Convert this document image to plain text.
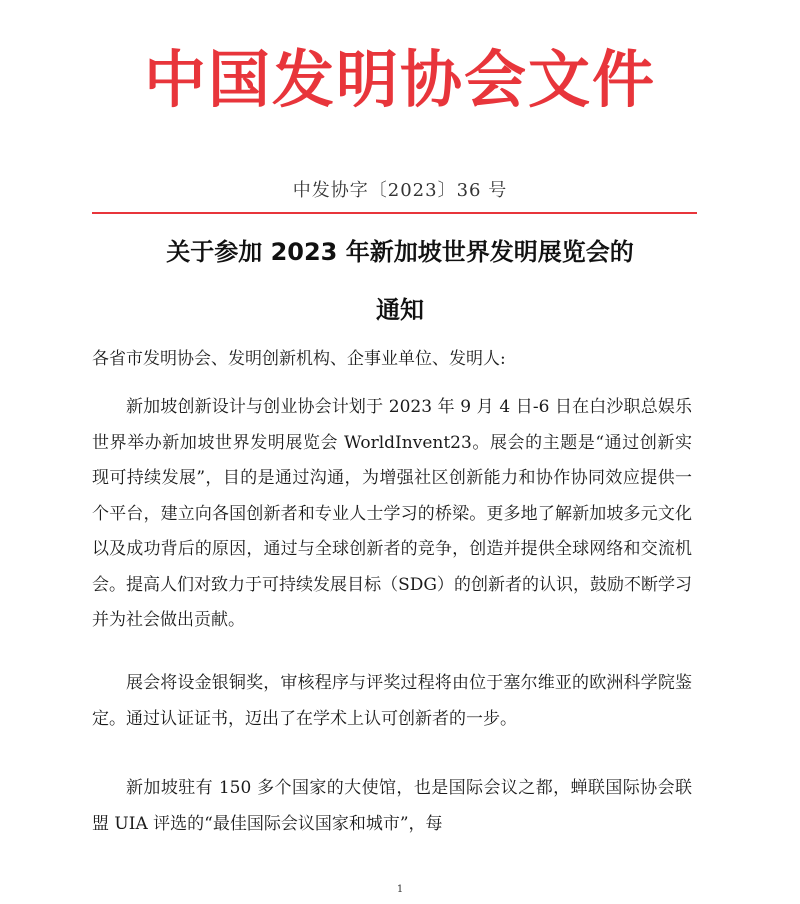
中国发明协会文件
中发协字〔2023〕36 号
关于参加 2023 年新加坡世界发明展览会的
通知
各省市发明协会、发明创新机构、企事业单位、发明人:
新加坡创新设计与创业协会计划于 2023 年 9 月 4 日-6 日在白沙职总娱乐世界举办新加坡世界发明展览会 WorldInvent23。展会的主题是“通过创新实现可持续发展”，目的是通过沟通，为增强社区创新能力和协作协同效应提供一个平台，建立向各国创新者和专业人士学习的桥梁。更多地了解新加坡多元文化以及成功背后的原因，通过与全球创新者的竞争，创造并提供全球网络和交流机会。提高人们对致力于可持续发展目标（SDG）的创新者的认识，鼓励不断学习并为社会做出贡献。
展会将设金银铜奖，审核程序与评奖过程将由位于塞尔维亚的欧洲科学院鉴定。通过认证证书，迈出了在学术上认可创新者的一步。
新加坡驻有 150 多个国家的大使馆，也是国际会议之都，蝉联国际协会联盟 UIA 评选的“最佳国际会议国家和城市”，每
1
